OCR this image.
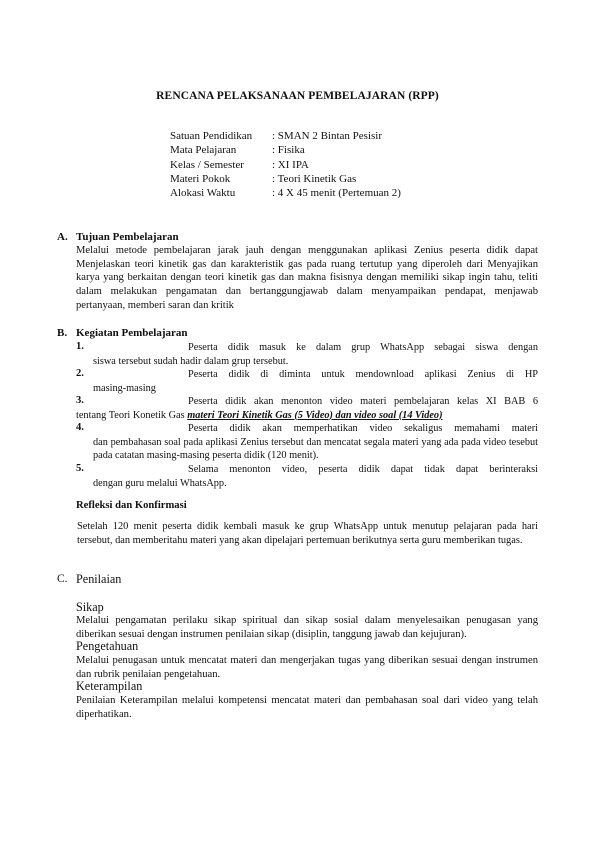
RENCANA PELAKSANAAN PEMBELAJARAN (RPP)
Satuan Pendidikan	: SMAN 2 Bintan Pesisir
Mata Pelajaran	: Fisika
Kelas / Semester	: XI IPA
Materi Pokok	: Teori Kinetik Gas
Alokasi Waktu	: 4 X 45 menit (Pertemuan 2)
A. Tujuan Pembelajaran
Melalui metode pembelajaran jarak jauh dengan menggunakan aplikasi Zenius peserta didik dapat Menjelaskan teori kinetik gas dan karakteristik gas pada ruang tertutup yang diperoleh dari Menyajikan karya yang berkaitan dengan teori kinetik gas dan makna fisisnya dengan memiliki sikap ingin tahu, teliti dalam melakukan pengamatan dan bertanggungjawab dalam menyampaikan pendapat, menjawab pertanyaan, memberi saran dan kritik
B. Kegiatan Pembelajaran
1.	Peserta didik masuk ke dalam grup WhatsApp sebagai siswa dengan
siswa tersebut sudah hadir dalam grup tersebut.
2.	Peserta didik di diminta untuk mendownload aplikasi Zenius di HP
masing-masing
3.	Peserta didik akan menonton video materi pembelajaran kelas XI BAB 6
tentang Teori Konetik Gas materi Teori Kinetik Gas (5 Video) dan video soal (14 Video)
4.	Peserta didik akan memperhatikan video sekaligus memahami materi
dan pembahasan soal pada aplikasi Zenius tersebut dan mencatat segala materi yang ada pada video tesebut pada catatan masing-masing peserta didik (120 menit).
5.	Selama menonton video, peserta didik dapat tidak dapat berinteraksi
dengan guru melalui WhatsApp.
Refleksi dan Konfirmasi
Setelah 120 menit peserta didik kembali masuk ke grup WhatsApp untuk menutup pelajaran pada hari tersebut, dan memberitahu materi yang akan dipelajari pertemuan berikutnya serta guru memberikan tugas.
C. Penilaian
Sikap
Melalui pengamatan perilaku sikap spiritual dan sikap sosial dalam menyelesaikan penugasan yang diberikan sesuai dengan instrumen penilaian sikap (disiplin, tanggung jawab dan kejujuran).
Pengetahuan
Melalui penugasan untuk mencatat materi dan mengerjakan tugas yang diberikan sesuai dengan instrumen dan rubrik penilaian pengetahuan.
Keterampilan
Penilaian Keterampilan melalui kompetensi mencatat materi dan pembahasan soal dari video yang telah diperhatikan.
